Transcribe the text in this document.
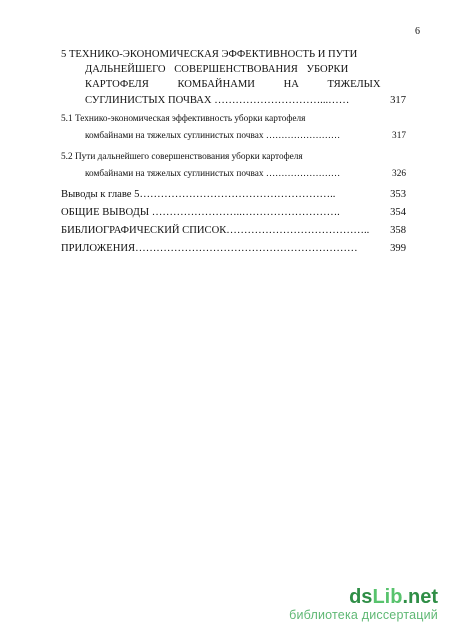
6
5 ТЕХНИКО-ЭКОНОМИЧЕСКАЯ ЭФФЕКТИВНОСТЬ И ПУТИ
ДАЛЬНЕЙШЕГО СОВЕРШЕНСТВОВАНИЯ УБОРКИ
КАРТОФЕЛЯ КОМБАЙНАМИ НА ТЯЖЕЛЫХ
СУГЛИНИСТЫХ ПОЧВАХ …………………………...……	317
5.1 Технико-экономическая эффективность уборки картофеля
комбайнами на тяжелых суглинистых почвах ……………………	317
5.2 Пути дальнейшего совершенствования уборки картофеля
комбайнами на тяжелых суглинистых почвах ……………………	326
Выводы к главе 5………………………………………………..	353
ОБЩИЕ ВЫВОДЫ ……………………..……………………….	354
БИБЛИОГРАФИЧЕСКИЙ СПИСОК…………………………………..	358
ПРИЛОЖЕНИЯ………………………………………………………	399
dsLib.net
библиотека диссертаций
